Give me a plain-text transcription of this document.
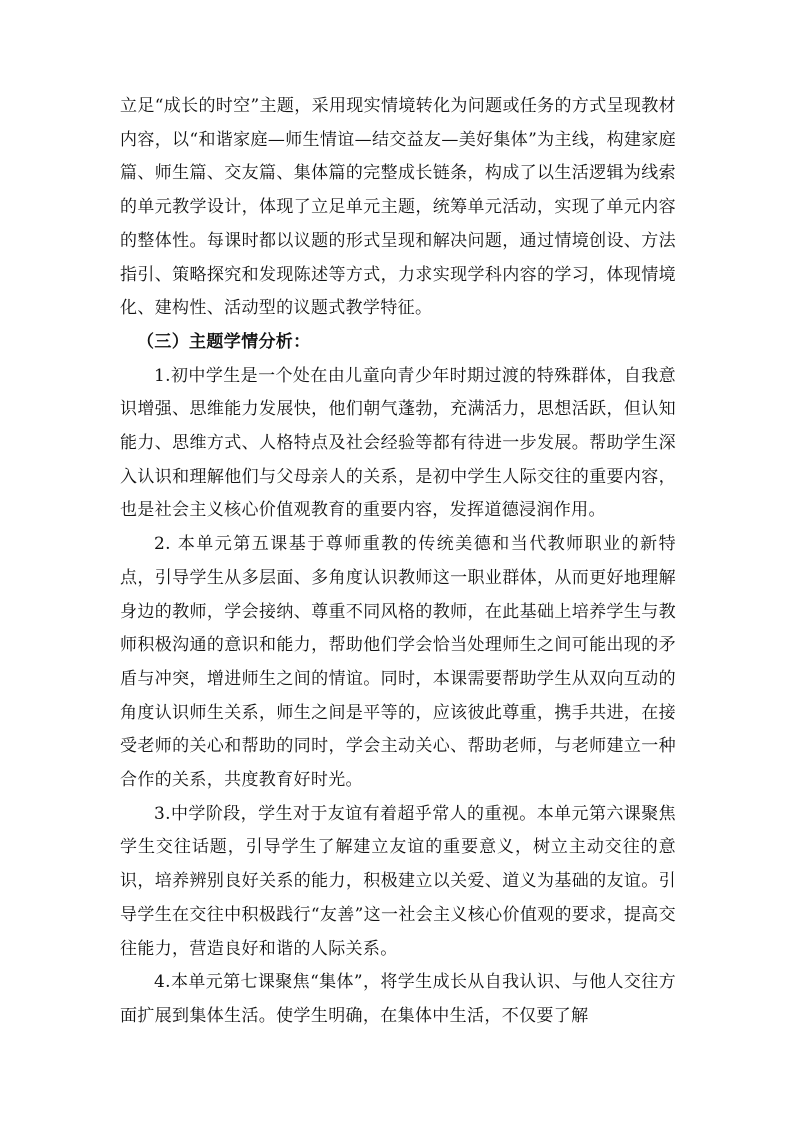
立足“成长的时空”主题，采用现实情境转化为问题或任务的方式呈现教材内容，以“和谐家庭—师生情谊—结交益友—美好集体”为主线，构建家庭篇、师生篇、交友篇、集体篇的完整成长链条，构成了以生活逻辑为线索的单元教学设计，体现了立足单元主题，统筹单元活动，实现了单元内容的整体性。每课时都以议题的形式呈现和解决问题，通过情境创设、方法指引、策略探究和发现陈述等方式，力求实现学科内容的学习，体现情境化、建构性、活动型的议题式教学特征。

（三）主题学情分析：

1.初中学生是一个处在由儿童向青少年时期过渡的特殊群体，自我意识增强、思维能力发展快，他们朝气蓬勃，充满活力，思想活跃，但认知能力、思维方式、人格特点及社会经验等都有待进一步发展。帮助学生深入认识和理解他们与父母亲人的关系，是初中学生人际交往的重要内容，也是社会主义核心价值观教育的重要内容，发挥道德浸润作用。

2. 本单元第五课基于尊师重教的传统美德和当代教师职业的新特点，引导学生从多层面、多角度认识教师这一职业群体，从而更好地理解身边的教师，学会接纳、尊重不同风格的教师，在此基础上培养学生与教师积极沟通的意识和能力，帮助他们学会恰当处理师生之间可能出现的矛盾与冲突，增进师生之间的情谊。同时，本课需要帮助学生从双向互动的角度认识师生关系，师生之间是平等的，应该彼此尊重，携手共进，在接受老师的关心和帮助的同时，学会主动关心、帮助老师，与老师建立一种合作的关系，共度教育好时光。

3.中学阶段，学生对于友谊有着超乎常人的重视。本单元第六课聚焦学生交往话题，引导学生了解建立友谊的重要意义，树立主动交往的意识，培养辨别良好关系的能力，积极建立以关爱、道义为基础的友谊。引导学生在交往中积极践行“友善”这一社会主义核心价值观的要求，提高交往能力，营造良好和谐的人际关系。

4.本单元第七课聚焦“集体”，将学生成长从自我认识、与他人交往方面扩展到集体生活。使学生明确，在集体中生活，不仅要了解
